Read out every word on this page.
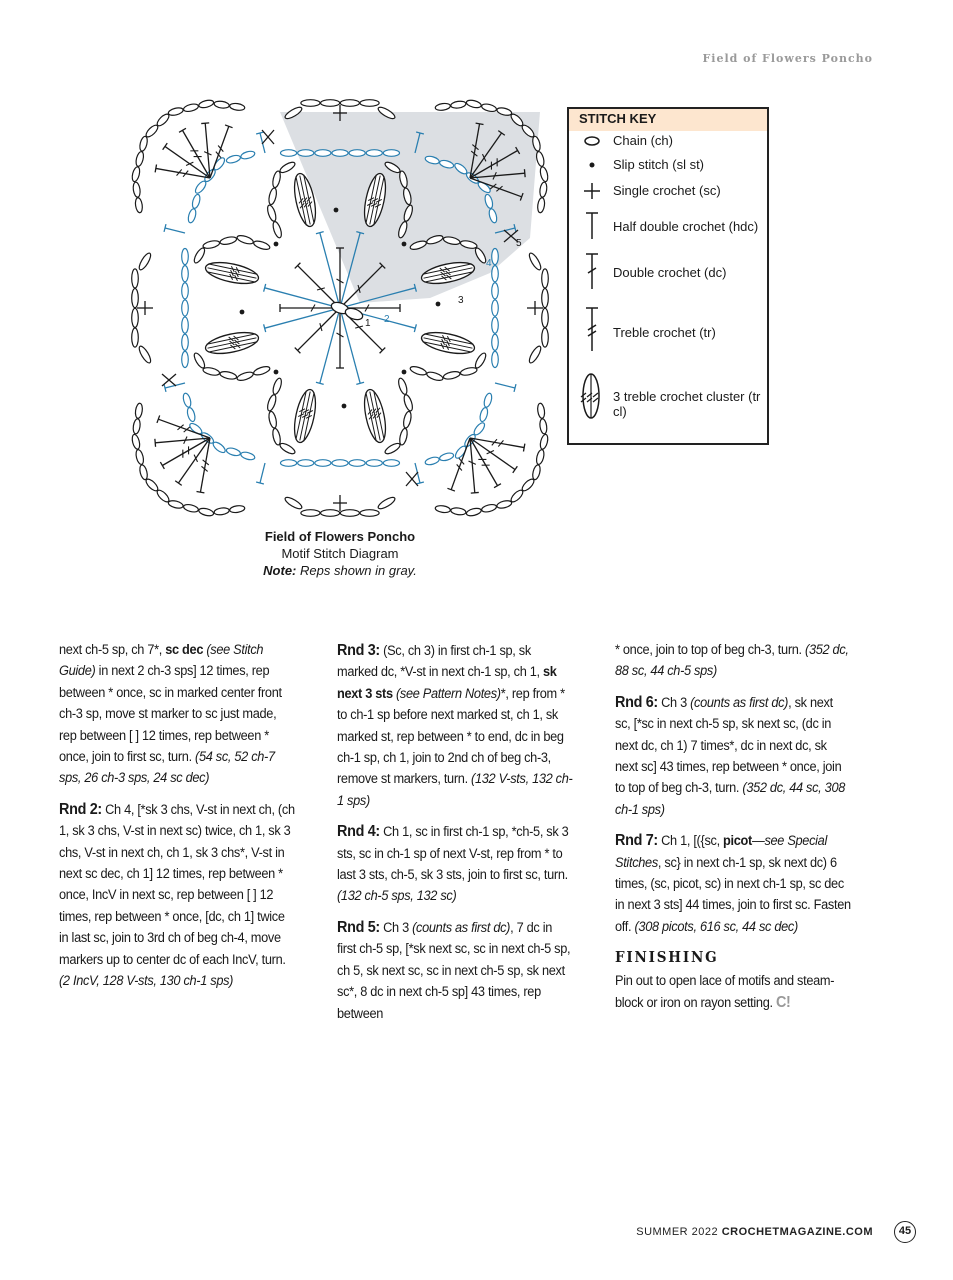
Field of Flowers Poncho
1 2
3
4
5
STITCH KEY
Chain (ch)
Slip stitch (sl st)
Single crochet (sc)
Half double crochet (hdc)
Double crochet (dc)
Treble crochet (tr)
3 treble crochet cluster (tr cl)
Field of Flowers Poncho
Motif Stitch Diagram
Note: Reps shown in gray.

next ch-5 sp, ch 7*, sc dec (see Stitch Guide) in next 2 ch-3 sps] 12 times, rep between * once, sc in marked center front ch-3 sp, move st marker to sc just made, rep between [ ] 12 times, rep between * once, join to first sc, turn. (54 sc, 52 ch-7 sps, 26 ch-3 sps, 24 sc dec)

Rnd 2: Ch 4, [*sk 3 chs, V-st in next ch, (ch 1, sk 3 chs, V-st in next sc) twice, ch 1, sk 3 chs, V-st in next ch, ch 1, sk 3 chs*, V-st in next sc dec, ch 1] 12 times, rep between * once, IncV in next sc, rep between [ ] 12 times, rep between * once, [dc, ch 1] twice in last sc, join to 3rd ch of beg ch-4, move markers up to center dc of each IncV, turn. (2 IncV, 128 V-sts, 130 ch-1 sps)

Rnd 3: (Sc, ch 3) in first ch-1 sp, sk marked dc, *V-st in next ch-1 sp, ch 1, sk next 3 sts (see Pattern Notes)*, rep from * to ch-1 sp before next marked st, ch 1, sk marked st, rep between * to end, dc in beg ch-1 sp, ch 1, join to 2nd ch of beg ch-3, remove st markers, turn. (132 V-sts, 132 ch-1 sps)

Rnd 4: Ch 1, sc in first ch-1 sp, *ch-5, sk 3 sts, sc in ch-1 sp of next V-st, rep from * to last 3 sts, ch-5, sk 3 sts, join to first sc, turn. (132 ch-5 sps, 132 sc)

Rnd 5: Ch 3 (counts as first dc), 7 dc in first ch-5 sp, [*sk next sc, sc in next ch-5 sp, ch 5, sk next sc, sc in next ch-5 sp, sk next sc*, 8 dc in next ch-5 sp] 43 times, rep between

* once, join to top of beg ch-3, turn. (352 dc, 88 sc, 44 ch-5 sps)

Rnd 6: Ch 3 (counts as first dc), sk next sc, [*sc in next ch-5 sp, sk next sc, (dc in next dc, ch 1) 7 times*, dc in next dc, sk next sc] 43 times, rep between * once, join to top of beg ch-3, turn. (352 dc, 44 sc, 308 ch-1 sps)

Rnd 7: Ch 1, [({sc, picot—see Special Stitches, sc} in next ch-1 sp, sk next dc) 6 times, (sc, picot, sc) in next ch-1 sp, sc dec in next 3 sts] 44 times, join to first sc. Fasten off. (308 picots, 616 sc, 44 sc dec)

FINISHING

Pin out to open lace of motifs and steam-block or iron on rayon setting. C!

SUMMER 2022 CROCHETMAGAZINE.COM	45
